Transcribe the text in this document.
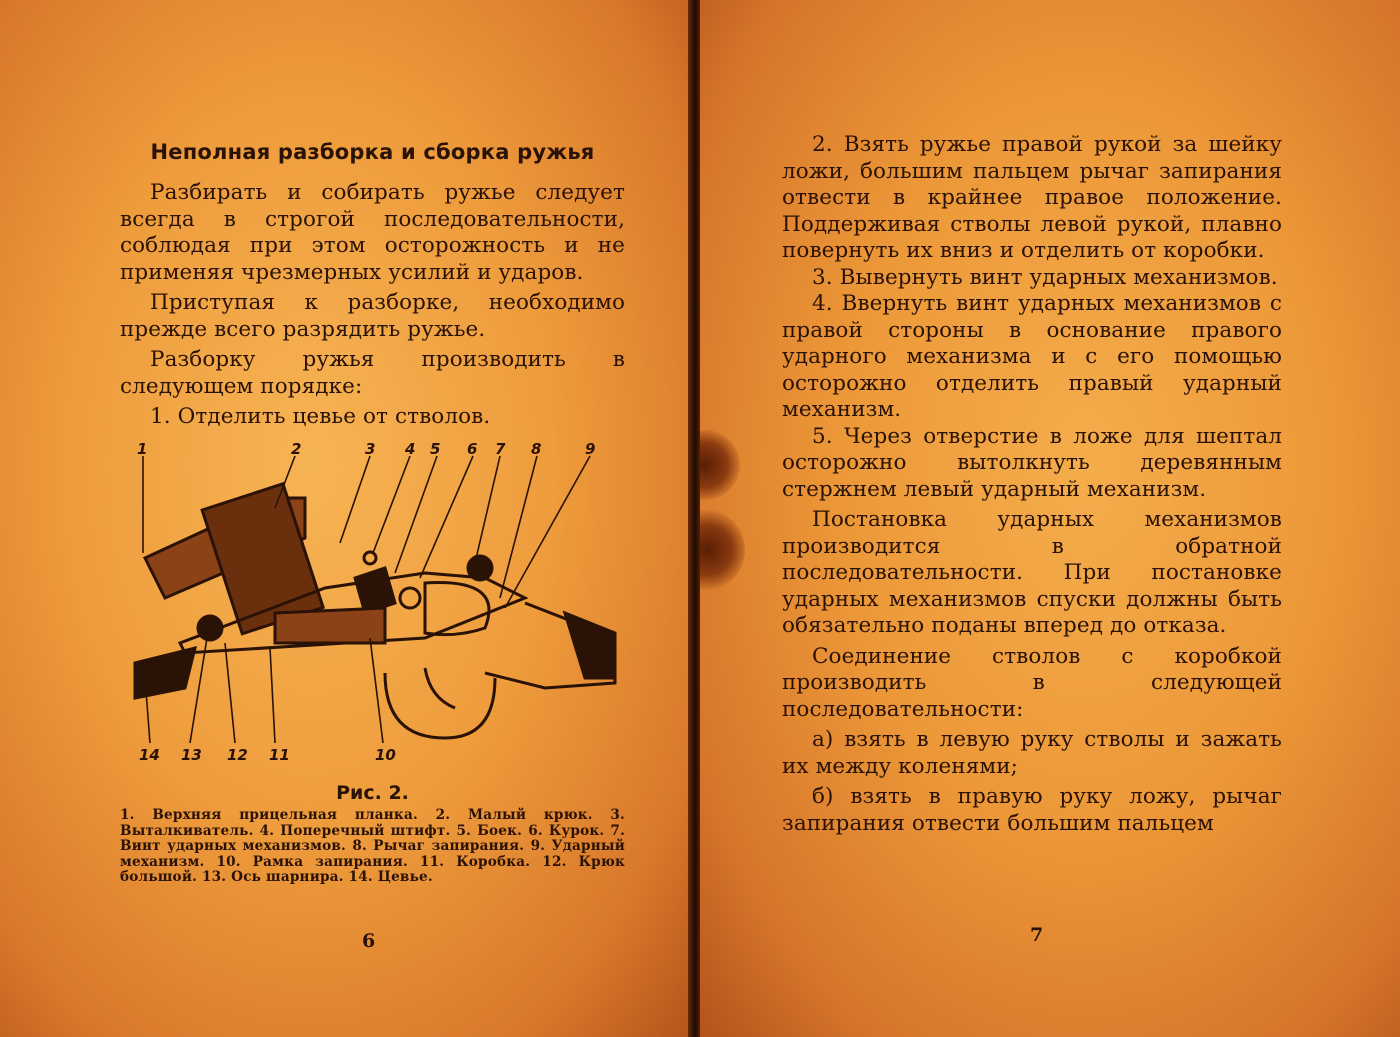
Неполная разборка и сборка ружья

Разбирать и собирать ружье следует всегда в строгой последовательности, соблюдая при этом осторожность и не применяя чрезмерных усилий и ударов.

Приступая к разборке, необходимо прежде всего разрядить ружье.

Разборку ружья производить в следующем порядке:

1. Отделить цевье от стволов.

1	2	3 4 5 6 7 8	9
14 13 12 11	10
Рис. 2.
1. Верхняя прицельная планка. 2. Малый крюк. 3. Выталкиватель. 4. Поперечный штифт. 5. Боек. 6. Курок. 7. Винт ударных механизмов. 8. Рычаг запирания. 9. Ударный механизм. 10. Рамка запирания. 11. Коробка. 12. Крюк большой. 13. Ось шарнира. 14. Цевье.
6

2. Взять ружье правой рукой за шейку ложи, большим пальцем рычаг запирания отвести в крайнее правое положение. Поддерживая стволы левой рукой, плавно повернуть их вниз и отделить от коробки.

3. Вывернуть винт ударных механизмов.

4. Ввернуть винт ударных механизмов с правой стороны в основание правого ударного механизма и с его помощью осторожно отделить правый ударный механизм.

5. Через отверстие в ложе для шептал осторожно вытолкнуть деревянным стержнем левый ударный механизм.

Постановка ударных механизмов производится в обратной последовательности. При постановке ударных механизмов спуски должны быть обязательно поданы вперед до отказа.

Соединение стволов с коробкой производить в следующей последовательности:

а) взять в левую руку стволы и зажать их между коленями;

б) взять в правую руку ложу, рычаг запирания отвести большим пальцем

7
